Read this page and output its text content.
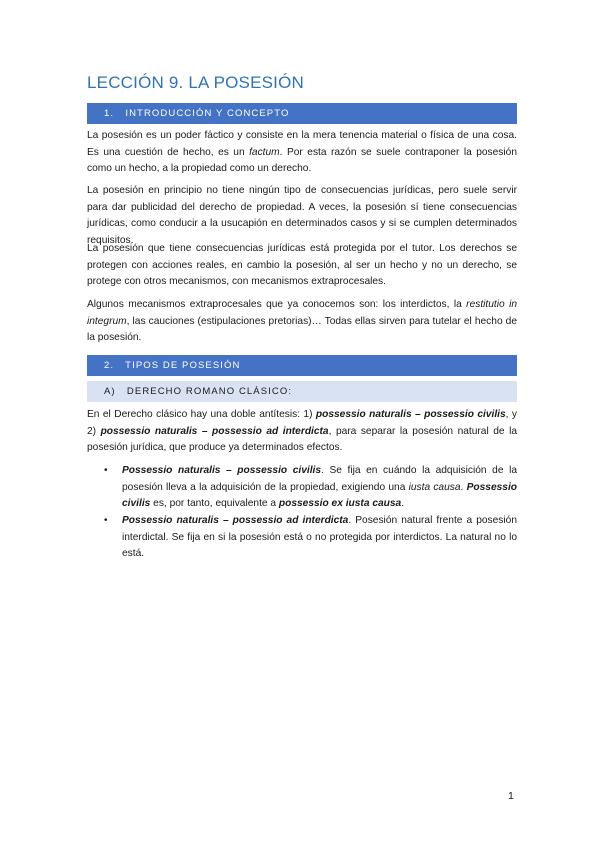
LECCIÓN 9. LA POSESIÓN
1. INTRODUCCIÓN Y CONCEPTO

La posesión es un poder fáctico y consiste en la mera tenencia material o física de una cosa. Es una cuestión de hecho, es un factum. Por esta razón se suele contraponer la posesión como un hecho, a la propiedad como un derecho.

La posesión en principio no tiene ningún tipo de consecuencias jurídicas, pero suele servir para dar publicidad del derecho de propiedad. A veces, la posesión sí tiene consecuencias jurídicas, como conducir a la usucapión en determinados casos y si se cumplen determinados requisitos.

La posesión que tiene consecuencias jurídicas está protegida por el tutor. Los derechos se protegen con acciones reales, en cambio la posesión, al ser un hecho y no un derecho, se protege con otros mecanismos, con mecanismos extraprocesales.

Algunos mecanismos extraprocesales que ya conocemos son: los interdictos, la restitutio in integrum, las cauciones (estipulaciones pretorias)… Todas ellas sirven para tutelar el hecho de la posesión.

2. TIPOS DE POSESIÓN
A) DERECHO ROMANO CLÁSICO:

En el Derecho clásico hay una doble antítesis: 1) possessio naturalis – possessio civilis, y 2) possessio naturalis – possessio ad interdicta, para separar la posesión natural de la posesión jurídica, que produce ya determinados efectos.

• Possessio naturalis – possessio civilis. Se fija en cuándo la adquisición de la posesión lleva a la adquisición de la propiedad, exigiendo una iusta causa. Possessio civilis es, por tanto, equivalente a possessio ex iusta causa.

• Possessio naturalis – possessio ad interdicta. Posesión natural frente a posesión interdictal. Se fija en si la posesión está o no protegida por interdictos. La natural no lo está.

1
